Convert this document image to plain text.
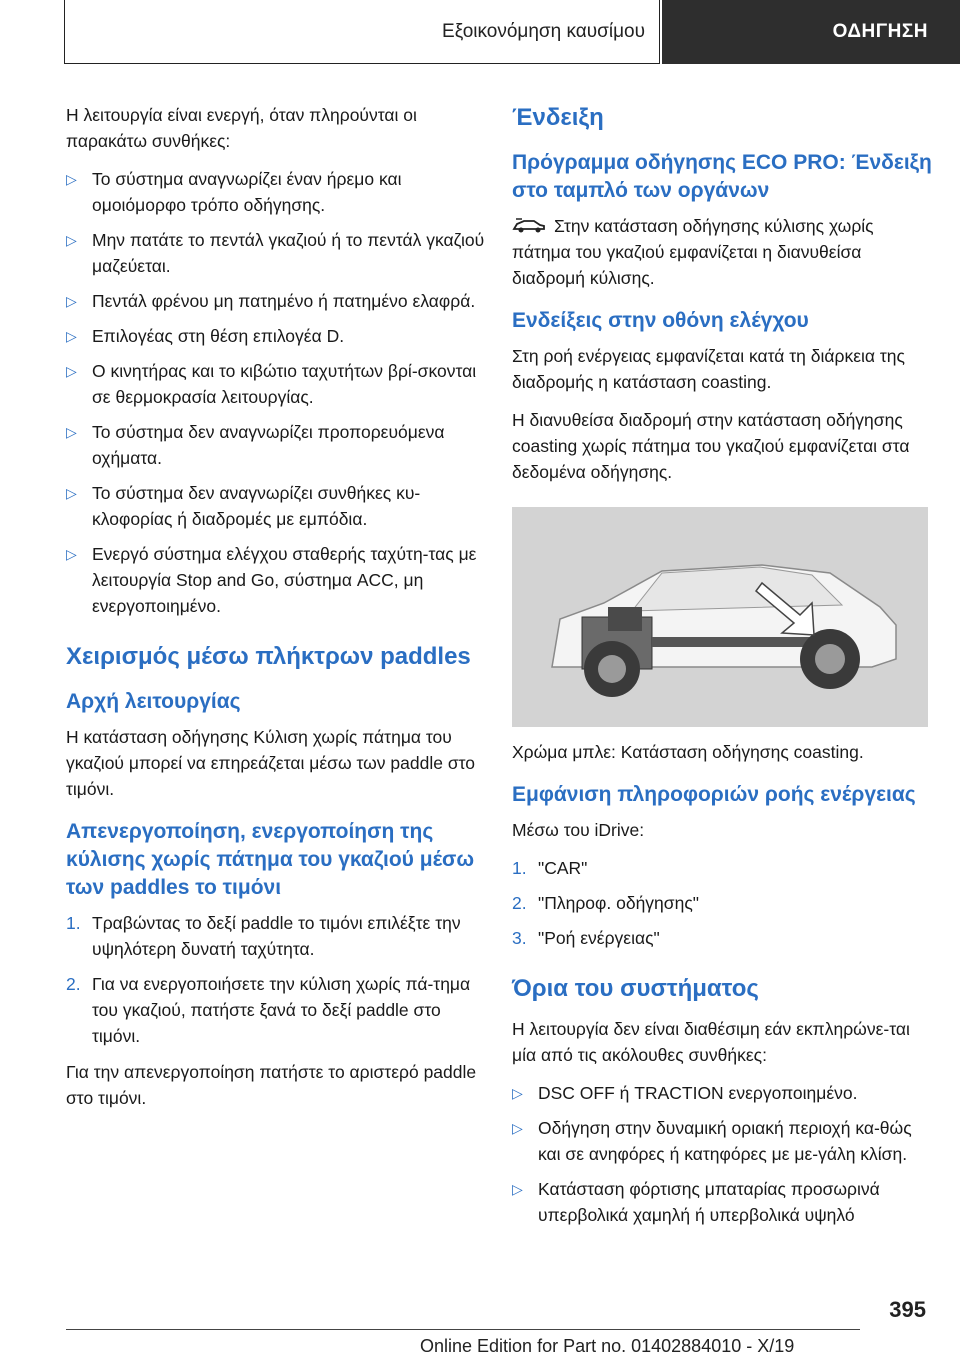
Εξοικονόμηση καυσίμου	ΟΔΗΓΗΣΗ

Η λειτουργία είναι ενεργή, όταν πληρούνται οι παρακάτω συνθήκες:

▷ Το σύστημα αναγνωρίζει έναν ήρεμο και ομοιόμορφο τρόπο οδήγησης.
▷ Μην πατάτε το πεντάλ γκαζιού ή το πεντάλ γκαζιού μαζεύεται.
▷ Πεντάλ φρένου μη πατημένο ή πατημένο ελαφρά.
▷ Επιλογέας στη θέση επιλογέα D.
▷ Ο κινητήρας και το κιβώτιο ταχυτήτων βρί-σκονται σε θερμοκρασία λειτουργίας.
▷ Το σύστημα δεν αναγνωρίζει προπορευόμενα οχήματα.
▷ Το σύστημα δεν αναγνωρίζει συνθήκες κυ-κλοφορίας ή διαδρομές με εμπόδια.
▷ Ενεργό σύστημα ελέγχου σταθερής ταχύτη-τας με λειτουργία Stop and Go, σύστημα ACC, μη ενεργοποιημένο.
Χειρισμός μέσω πλήκτρων paddles
Αρχή λειτουργίας

Η κατάσταση οδήγησης Κύλιση χωρίς πάτημα του γκαζιού μπορεί να επηρεάζεται μέσω των paddle στο τιμόνι.

Απενεργοποίηση, ενεργοποίηση της κύλισης χωρίς πάτημα του γκαζιού μέσω των paddles το τιμόνι
1. Τραβώντας το δεξί paddle το τιμόνι επιλέξτε την υψηλότερη δυνατή ταχύτητα.
2. Για να ενεργοποιήσετε την κύλιση χωρίς πά-τημα του γκαζιού, πατήστε ξανά το δεξί paddle στο τιμόνι.

Για την απενεργοποίηση πατήστε το αριστερό paddle στο τιμόνι.

Ένδειξη
Πρόγραμμα οδήγησης ECO PRO: Ένδειξη στο ταμπλό των οργάνων

Στην κατάσταση οδήγησης κύλισης χωρίς πάτημα του γκαζιού εμφανίζεται η διανυθείσα διαδρομή κύλισης.

Ενδείξεις στην οθόνη ελέγχου

Στη ροή ενέργειας εμφανίζεται κατά τη διάρκεια της διαδρομής η κατάσταση coasting.

Η διανυθείσα διαδρομή στην κατάσταση οδήγησης coasting χωρίς πάτημα του γκαζιού εμφανίζεται στα δεδομένα οδήγησης.

Χρώμα μπλε: Κατάσταση οδήγησης coasting.

Εμφάνιση πληροφοριών ροής ενέργειας

Μέσω του iDrive:

1. "CAR"
2. "Πληροφ. οδήγησης"
3. "Ροή ενέργειας"
Όρια του συστήματος

Η λειτουργία δεν είναι διαθέσιμη εάν εκπληρώνε-ται μία από τις ακόλουθες συνθήκες:

▷ DSC OFF ή TRACTION ενεργοποιημένο.
▷ Οδήγηση στην δυναμική οριακή περιοχή κα-θώς και σε ανηφόρες ή κατηφόρες με με-γάλη κλίση.
▷ Κατάσταση φόρτισης μπαταρίας προσωρινά υπερβολικά χαμηλή ή υπερβολικά υψηλό
395
Online Edition for Part no. 01402884010 - X/19
